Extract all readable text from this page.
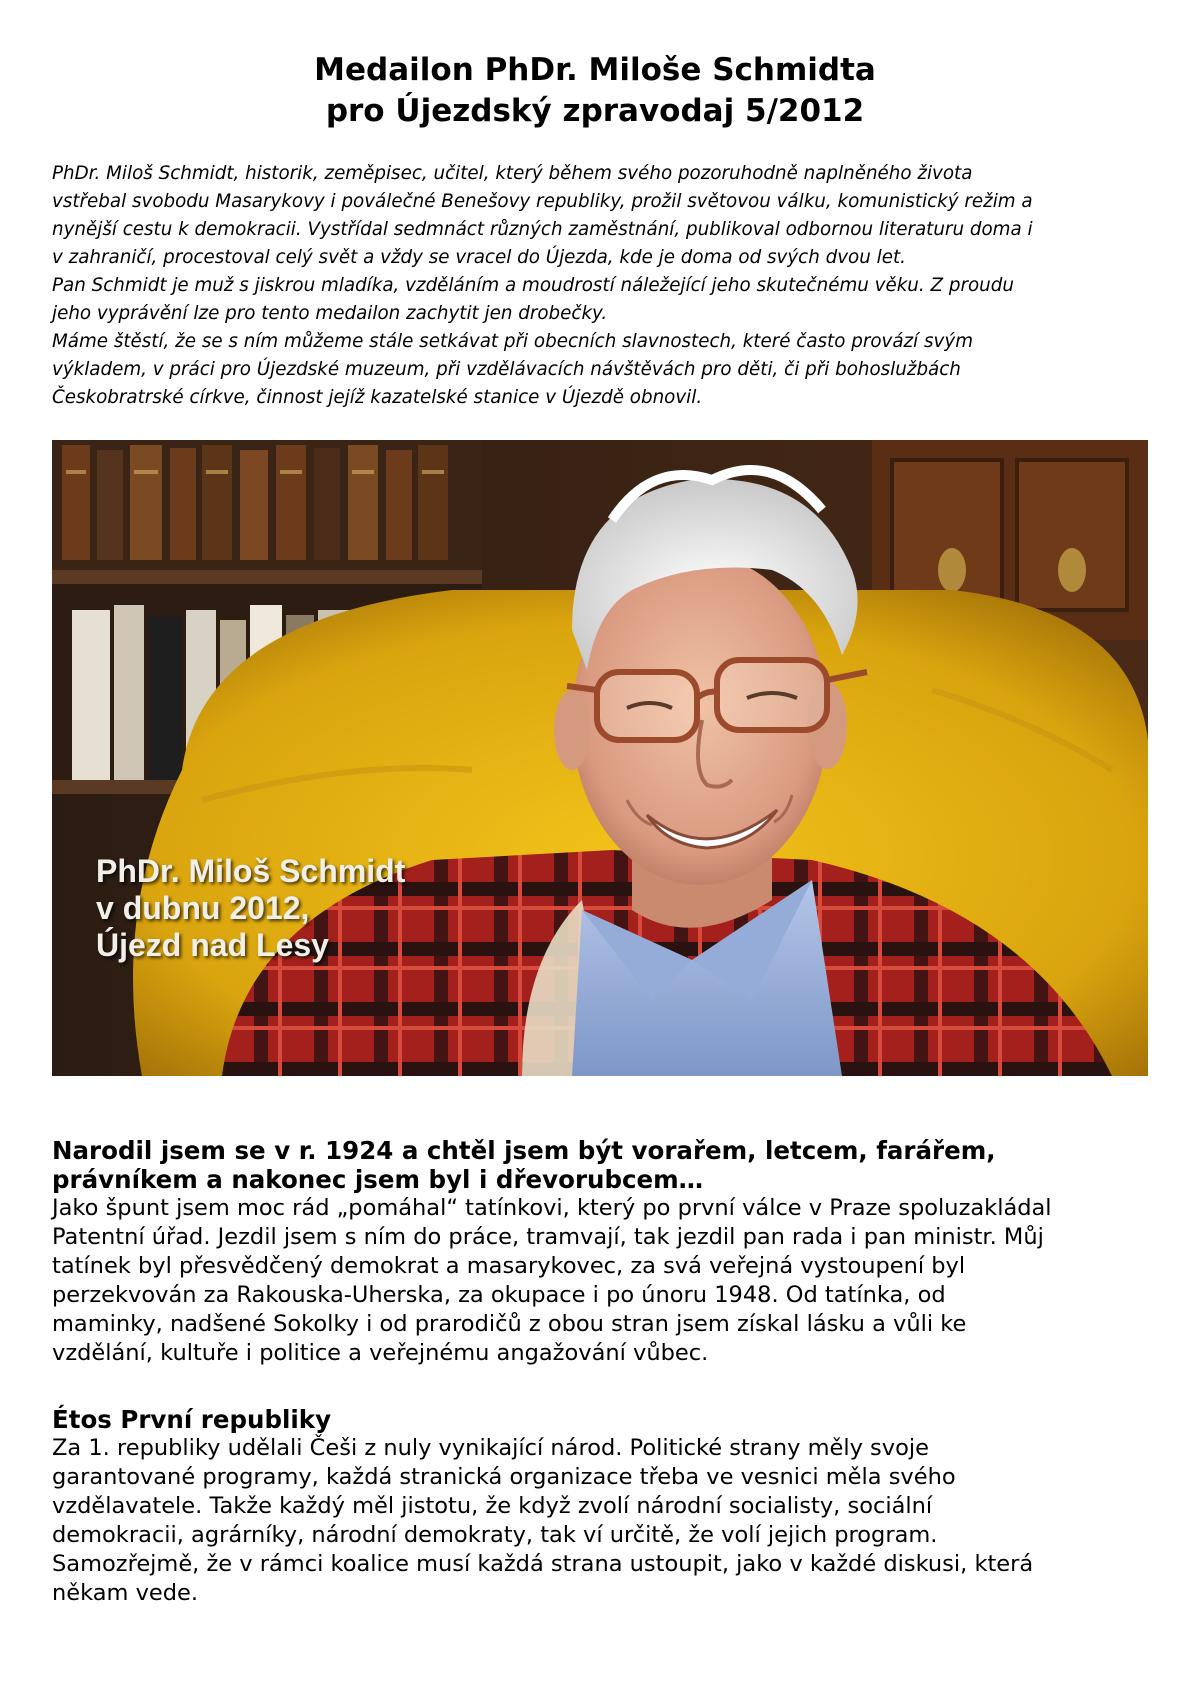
Medailon PhDr. Miloše Schmidta
pro Újezdský zpravodaj 5/2012
PhDr. Miloš Schmidt, historik, zeměpisec, učitel, který během svého pozoruhodně naplněného života
vstřebal svobodu Masarykovy i poválečné Benešovy republiky, prožil světovou válku, komunistický režim a
nynější cestu k demokracii. Vystřídal sedmnáct různých zaměstnání, publikoval odbornou literaturu doma i
v zahraničí, procestoval celý svět a vždy se vracel do Újezda, kde je doma od svých dvou let.
Pan Schmidt je muž s jiskrou mladíka, vzděláním a moudrostí náležející jeho skutečnému věku. Z proudu
jeho vyprávění lze pro tento medailon zachytit jen drobečky.
Máme štěstí, že se s ním můžeme stále setkávat při obecních slavnostech, které často provází svým
výkladem, v práci pro Újezdské muzeum, při vzdělávacích návštěvách pro děti, či při bohoslužbách
Českobratrské církve, činnost jejíž kazatelské stanice v Újezdě obnovil.
PhDr. Miloš Schmidt
v dubnu 2012,
Újezd nad Lesy
Narodil jsem se v r. 1924 a chtěl jsem být vorařem, letcem, farářem,
právníkem a nakonec jsem byl i dřevorubcem…
Jako špunt jsem moc rád „pomáhal“ tatínkovi, který po první válce v Praze spoluzakládal
Patentní úřad. Jezdil jsem s ním do práce, tramvají, tak jezdil pan rada i pan ministr. Můj
tatínek byl přesvědčený demokrat a masarykovec, za svá veřejná vystoupení byl
perzekvován za Rakouska-Uherska, za okupace i po únoru 1948. Od tatínka, od
maminky, nadšené Sokolky i od prarodičů z obou stran jsem získal lásku a vůli ke
vzdělání, kultuře i politice a veřejnému angažování vůbec.
Étos První republiky
Za 1. republiky udělali Češi z nuly vynikající národ. Politické strany měly svoje
garantované programy, každá stranická organizace třeba ve vesnici měla svého
vzdělavatele. Takže každý měl jistotu, že když zvolí národní socialisty, sociální
demokracii, agrárníky, národní demokraty, tak ví určitě, že volí jejich program.
Samozřejmě, že v rámci koalice musí každá strana ustoupit, jako v každé diskusi, která
někam vede.
